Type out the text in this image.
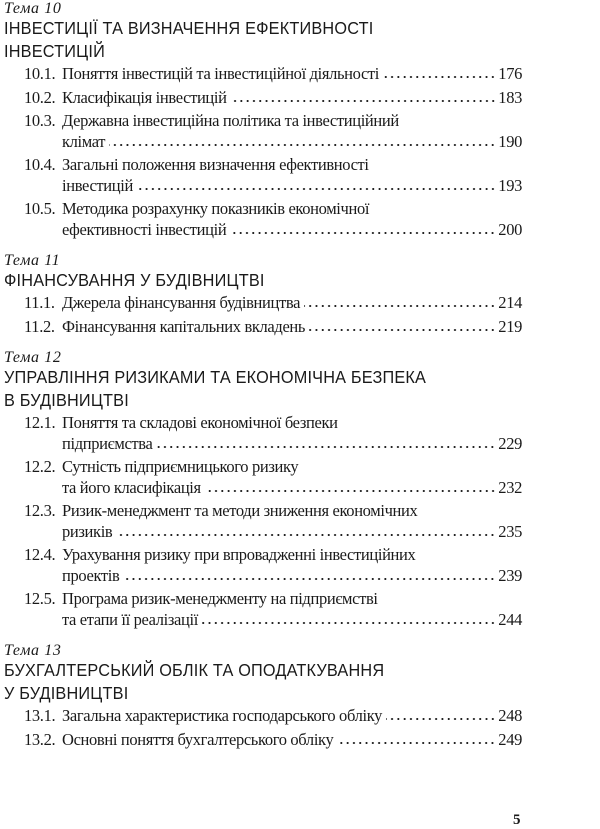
Тема 10
ІНВЕСТИЦІЇ ТА ВИЗНАЧЕННЯ ЕФЕКТИВНОСТІ
ІНВЕСТИЦІЙ
10.1. Поняття інвестицій та інвестиційної діяльності	176
10.2. Класифікація інвестицій	183
10.3. Державна інвестиційна політика та інвестиційний
клімат	190
10.4. Загальні положення визначення ефективності
інвестицій	193
10.5. Методика розрахунку показників економічної
ефективності інвестицій	200
Тема 11
ФІНАНСУВАННЯ У БУДІВНИЦТВІ
11.1. Джерела фінансування будівництва	214
11.2. Фінансування капітальних вкладень	219
Тема 12
УПРАВЛІННЯ РИЗИКАМИ ТА ЕКОНОМІЧНА БЕЗПЕКА
В БУДІВНИЦТВІ
12.1. Поняття та складові економічної безпеки
підприємства	229
12.2. Сутність підприємницького ризику
та його класифікація	232
12.3. Ризик-менеджмент та методи зниження економічних
ризиків	235
12.4. Урахування ризику при впровадженні інвестиційних
проектів	239
12.5. Програма ризик-менеджменту на підприємстві
та етапи її реалізації	244
Тема 13
БУХГАЛТЕРСЬКИЙ ОБЛІК ТА ОПОДАТКУВАННЯ
У БУДІВНИЦТВІ
13.1. Загальна характеристика господарського обліку	248
13.2. Основні поняття бухгалтерського обліку	249
5
